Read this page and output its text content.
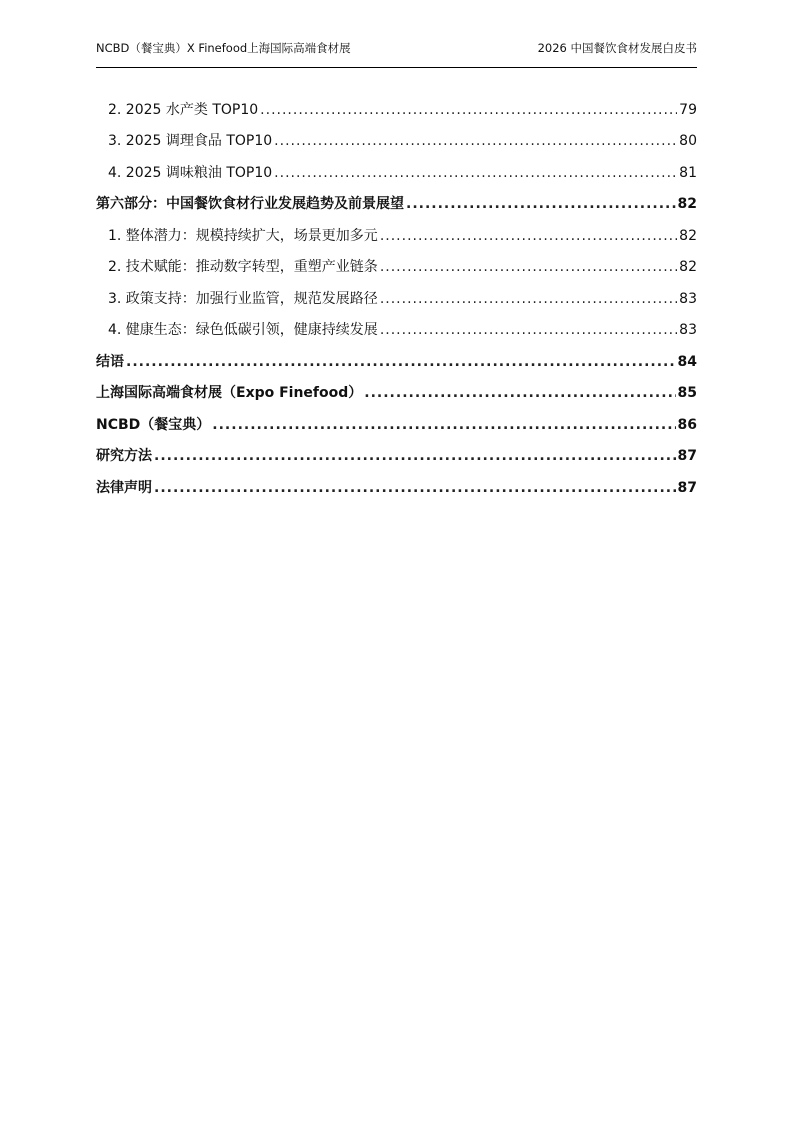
NCBD（餐宝典）X Finefood上海国际高端食材展	2026 中国餐饮食材发展白皮书
2. 2025 水产类 TOP10 .....	79
3. 2025 调理食品 TOP10 .....	80
4. 2025 调味粮油 TOP10 .....	81
第六部分：中国餐饮食材行业发展趋势及前景展望 .....	82
1. 整体潜力：规模持续扩大，场景更加多元 .....	82
2. 技术赋能：推动数字转型，重塑产业链条 .....	82
3. 政策支持：加强行业监管，规范发展路径 .....	83
4. 健康生态：绿色低碳引领，健康持续发展 .....	83
结语 .....	84
上海国际高端食材展（Expo Finefood） .....	85
NCBD（餐宝典） .....	86
研究方法 .....	87
法律声明 .....	87
